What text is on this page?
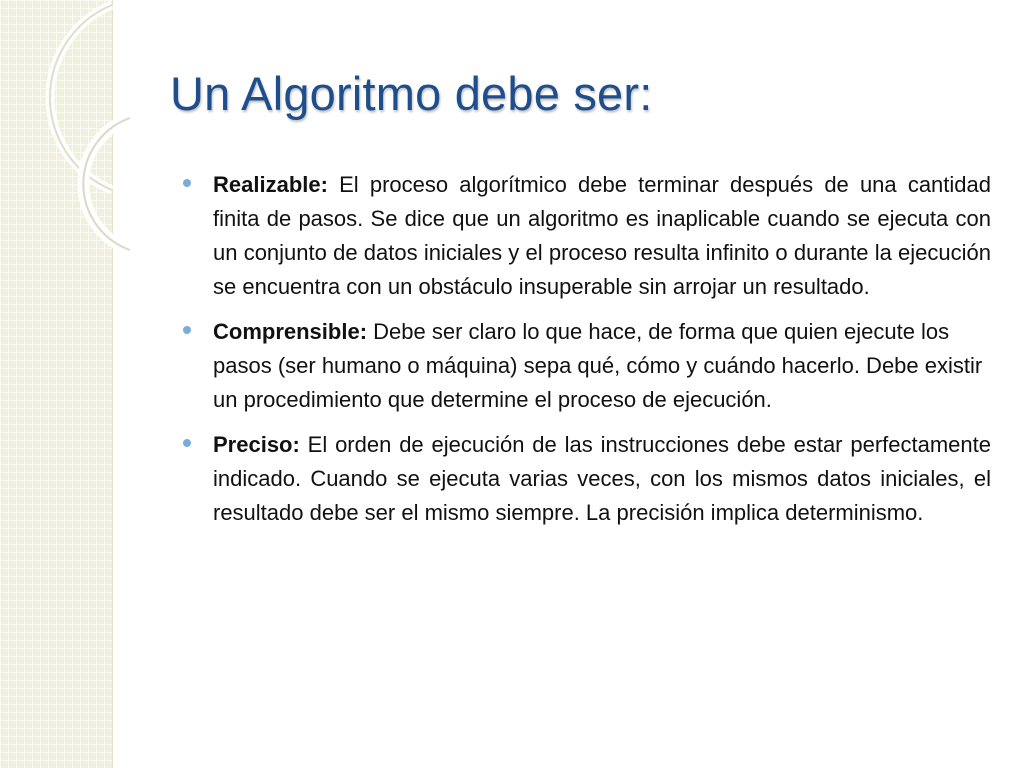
Un Algoritmo debe ser:

Realizable: El proceso algorítmico debe terminar después de una cantidad finita de pasos. Se dice que un algoritmo es inaplicable cuando se ejecuta con un conjunto de datos iniciales y el proceso resulta infinito o durante la ejecución se encuentra con un obstáculo insuperable sin arrojar un resultado.

Comprensible: Debe ser claro lo que hace, de forma que quien ejecute los pasos (ser humano o máquina) sepa qué, cómo y cuándo hacerlo. Debe existir un procedimiento que determine el proceso de ejecución.

Preciso: El orden de ejecución de las instrucciones debe estar perfectamente indicado. Cuando se ejecuta varias veces, con los mismos datos iniciales, el resultado debe ser el mismo siempre. La precisión implica determinismo.
